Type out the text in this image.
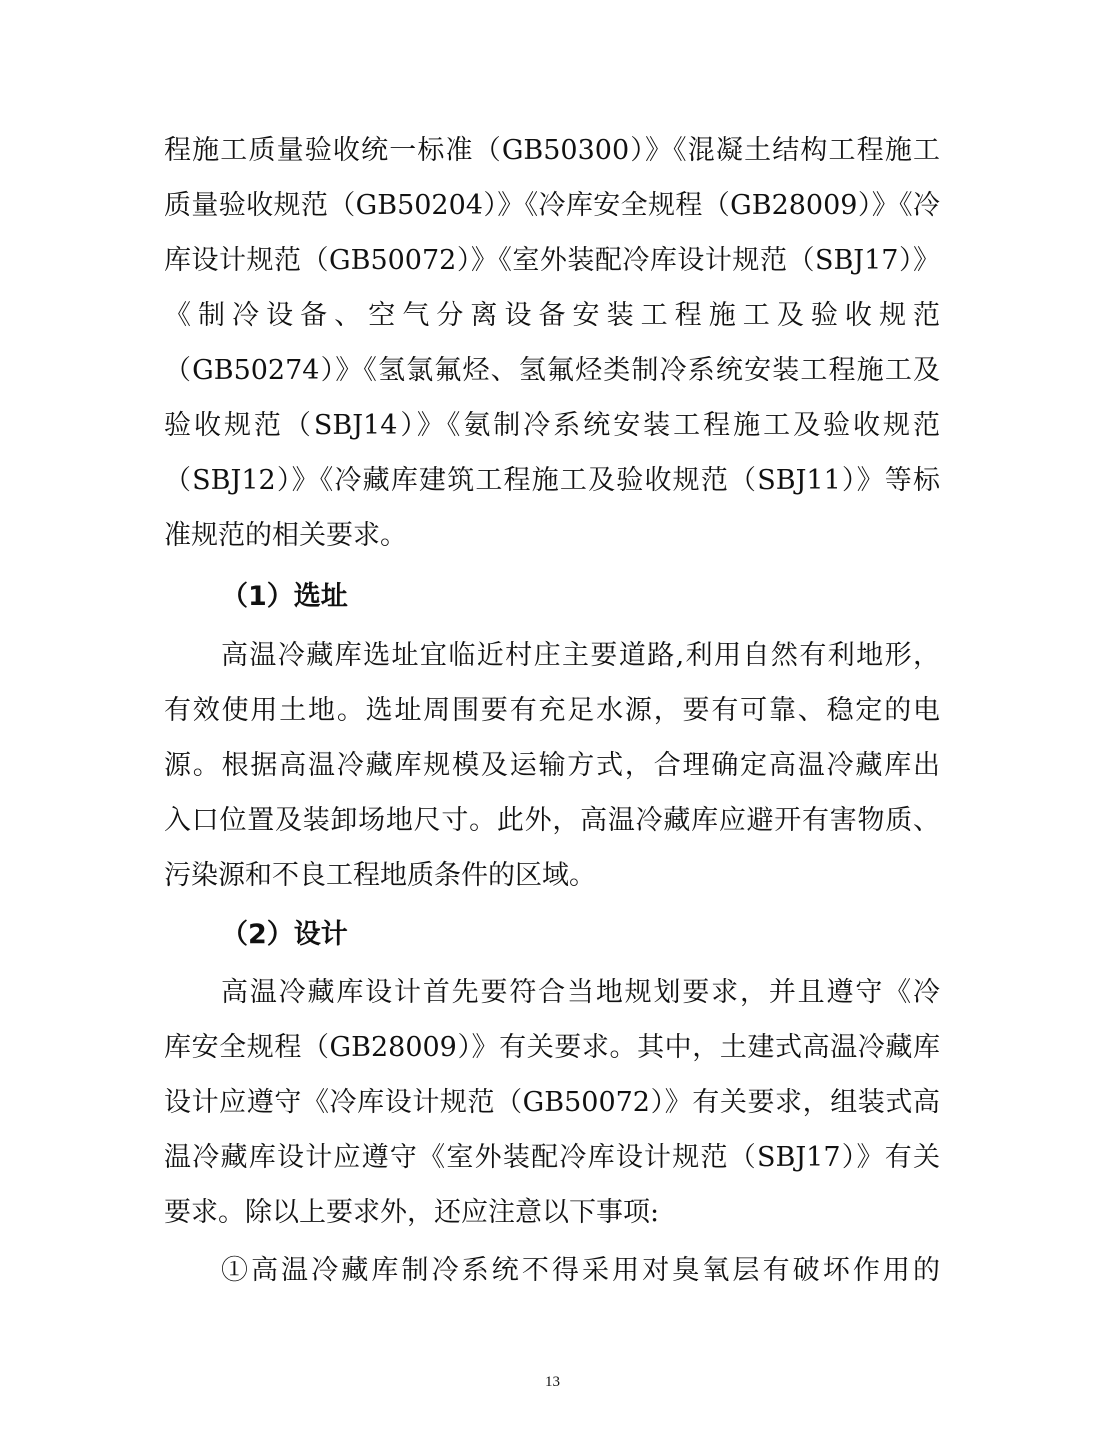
程施工质量验收统一标准（GB50300）》《混凝土结构工程施工
质量验收规范（GB50204）》《冷库安全规程（GB28009）》《冷
库设计规范（GB50072）》《室外装配冷库设计规范（SBJ17）》
《制冷设备、空气分离设备安装工程施工及验收规范
（GB50274）》《氢氯氟烃、氢氟烃类制冷系统安装工程施工及
验收规范（SBJ14）》《氨制冷系统安装工程施工及验收规范
（SBJ12）》《冷藏库建筑工程施工及验收规范（SBJ11）》等标
准规范的相关要求。
（1）选址
高温冷藏库选址宜临近村庄主要道路,利用自然有利地形，
有效使用土地。选址周围要有充足水源，要有可靠、稳定的电
源。根据高温冷藏库规模及运输方式，合理确定高温冷藏库出
入口位置及装卸场地尺寸。此外，高温冷藏库应避开有害物质、
污染源和不良工程地质条件的区域。
（2）设计
高温冷藏库设计首先要符合当地规划要求，并且遵守《冷
库安全规程（GB28009）》有关要求。其中，土建式高温冷藏库
设计应遵守《冷库设计规范（GB50072）》有关要求，组装式高
温冷藏库设计应遵守《室外装配冷库设计规范（SBJ17）》有关
要求。除以上要求外，还应注意以下事项:
①高温冷藏库制冷系统不得采用对臭氧层有破坏作用的
13
